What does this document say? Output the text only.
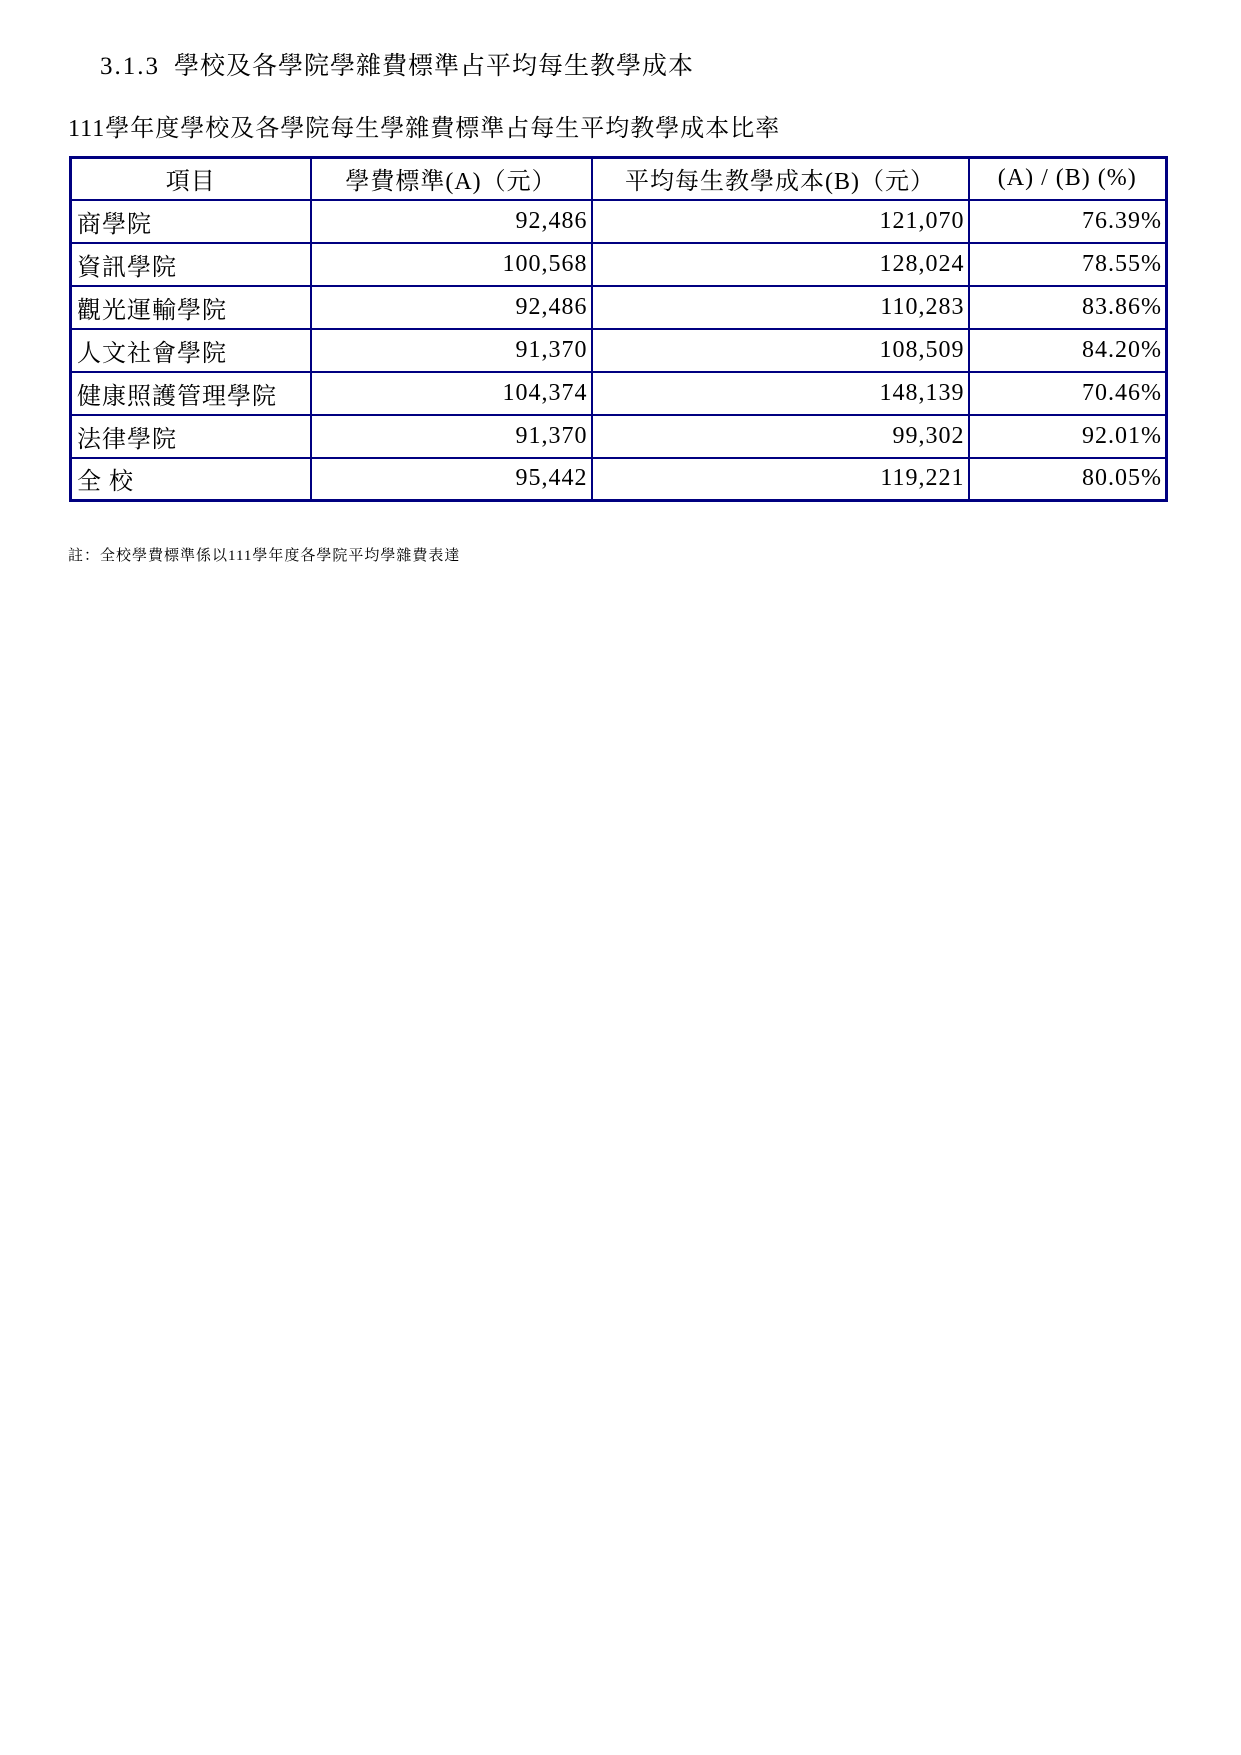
3.1.3 學校及各學院學雜費標準占平均每生教學成本
111學年度學校及各學院每生學雜費標準占每生平均教學成本比率
項目	學費標準(A)（元）	平均每生教學成本(B)（元）	(A) / (B) (%)
商學院	92,486	121,070	76.39%
資訊學院	100,568	128,024	78.55%
觀光運輸學院	92,486	110,283	83.86%
人文社會學院	91,370	108,509	84.20%
健康照護管理學院	104,374	148,139	70.46%
法律學院	91,370	99,302	92.01%
全 校	95,442	119,221	80.05%
註：全校學費標準係以111學年度各學院平均學雜費表達
